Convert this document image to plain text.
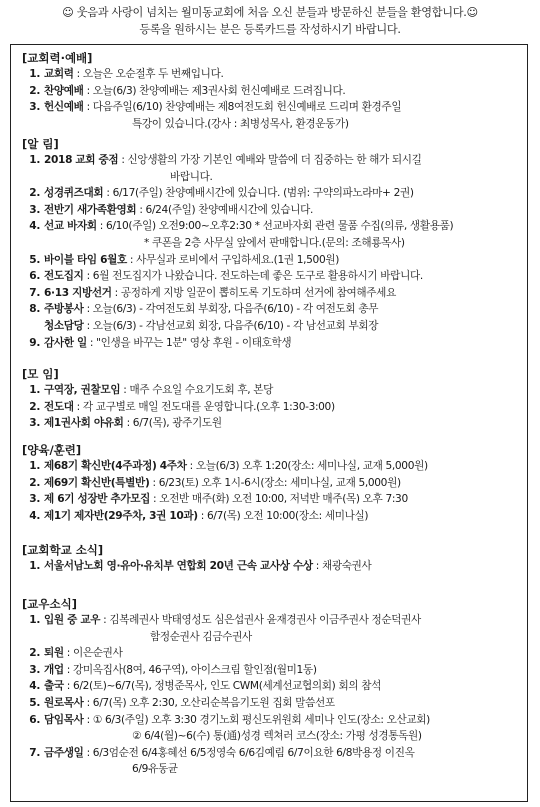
☺ 웃음과 사랑이 넘치는 월미동교회에 처음 오신 분들과 방문하신 분들을 환영합니다.☺
등록을 원하시는 분은 등록카드를 작성하시기 바랍니다.
[교회력·예배]
1. 교회력 : 오늘은 오순절후 두 번째입니다.
2. 찬양예배 : 오늘(6/3) 찬양예배는 제3권사회 헌신예배로 드려집니다.
3. 헌신예배 : 다음주일(6/10) 찬양예배는 제8여전도회 헌신예배로 드리며 환경주일
특강이 있습니다.(강사 : 최병성목사, 환경운동가)
[알 림]
1. 2018 교회 중점 : 신앙생활의 가장 기본인 예배와 말씀에 더 집중하는 한 해가 되시길
바랍니다.
2. 성경퀴즈대회 : 6/17(주일) 찬양예배시간에 있습니다. (범위: 구약의파노라마+ 2권)
3. 전반기 새가족환영회 : 6/24(주일) 찬양예배시간에 있습니다.
4. 선교 바자회 : 6/10(주일) 오전9:00~오후2:30 * 선교바자회 관련 물품 수집(의류, 생활용품)
* 쿠폰을 2층 사무실 앞에서 판매합니다.(문의: 조해룡목사)
5. 바이블 타임 6월호 : 사무실과 로비에서 구입하세요.(1권 1,500원)
6. 전도집지 : 6월 전도집지가 나왔습니다. 전도하는데 좋은 도구로 활용하시기 바랍니다.
7. 6·13 지방선거 : 공정하게 지방 일꾼이 뽑히도록 기도하며 선거에 참여해주세요
8. 주방봉사 : 오늘(6/3) - 각여전도회 부회장, 다음주(6/10) - 각 여전도회 총무
청소담당 : 오늘(6/3) - 각남선교회 회장, 다음주(6/10) - 각 남선교회 부회장
9. 감사한 일 : "인생을 바꾸는 1분" 영상 후원 - 이태호학생
[모 임]
1. 구역장, 권찰모임 : 매주 수요일 수요기도회 후, 본당
2. 전도대 : 각 교구별로 매일 전도대를 운영합니다.(오후 1:30-3:00)
3. 제1권사회 야유회 : 6/7(목), 광주기도원
[양육/훈련]
1. 제68기 확신반(4주과정) 4주차 : 오늘(6/3) 오후 1:20(장소: 세미나실, 교재 5,000원)
2. 제69기 확신반(특별반) : 6/23(토) 오후 1시-6시(장소: 세미나실, 교재 5,000원)
3. 제 6기 성장반 추가모집 : 오전반 매주(화) 오전 10:00, 저녁반 매주(목) 오후 7:30
4. 제1기 제자반(29주차, 3권 10과) : 6/7(목) 오전 10:00(장소: 세미나실)
[교회학교 소식]
1. 서울서남노회 영·유아·유치부 연합회 20년 근속 교사상 수상 : 채광숙권사
[교우소식]
1. 입원 중 교우 : 김복례권사 박태영성도 심은섭권사 윤재경권사 이금주권사 정순덕권사
함정순권사 김금수권사
2. 퇴원 : 이은순권사
3. 개업 : 강미옥집사(8여, 46구역), 아이스크림 할인점(월미1동)
4. 출국 : 6/2(토)~6/7(목), 정병준목사, 인도 CWM(세계선교협의회) 회의 참석
5. 원로목사 : 6/7(목) 오후 2:30, 오산리순복음기도원 집회 말씀선포
6. 담임목사 : ① 6/3(주일) 오후 3:30 경기노회 평신도위원회 세미나 인도(장소: 오산교회)
② 6/4(월)~6(수) 통(通)성경 렉쳐러 코스(장소: 가평 성경통독원)
7. 금주생일 : 6/3엄순전 6/4홍혜선 6/5정영숙 6/6김예림 6/7이요한 6/8박용정 이진옥
6/9유동균
